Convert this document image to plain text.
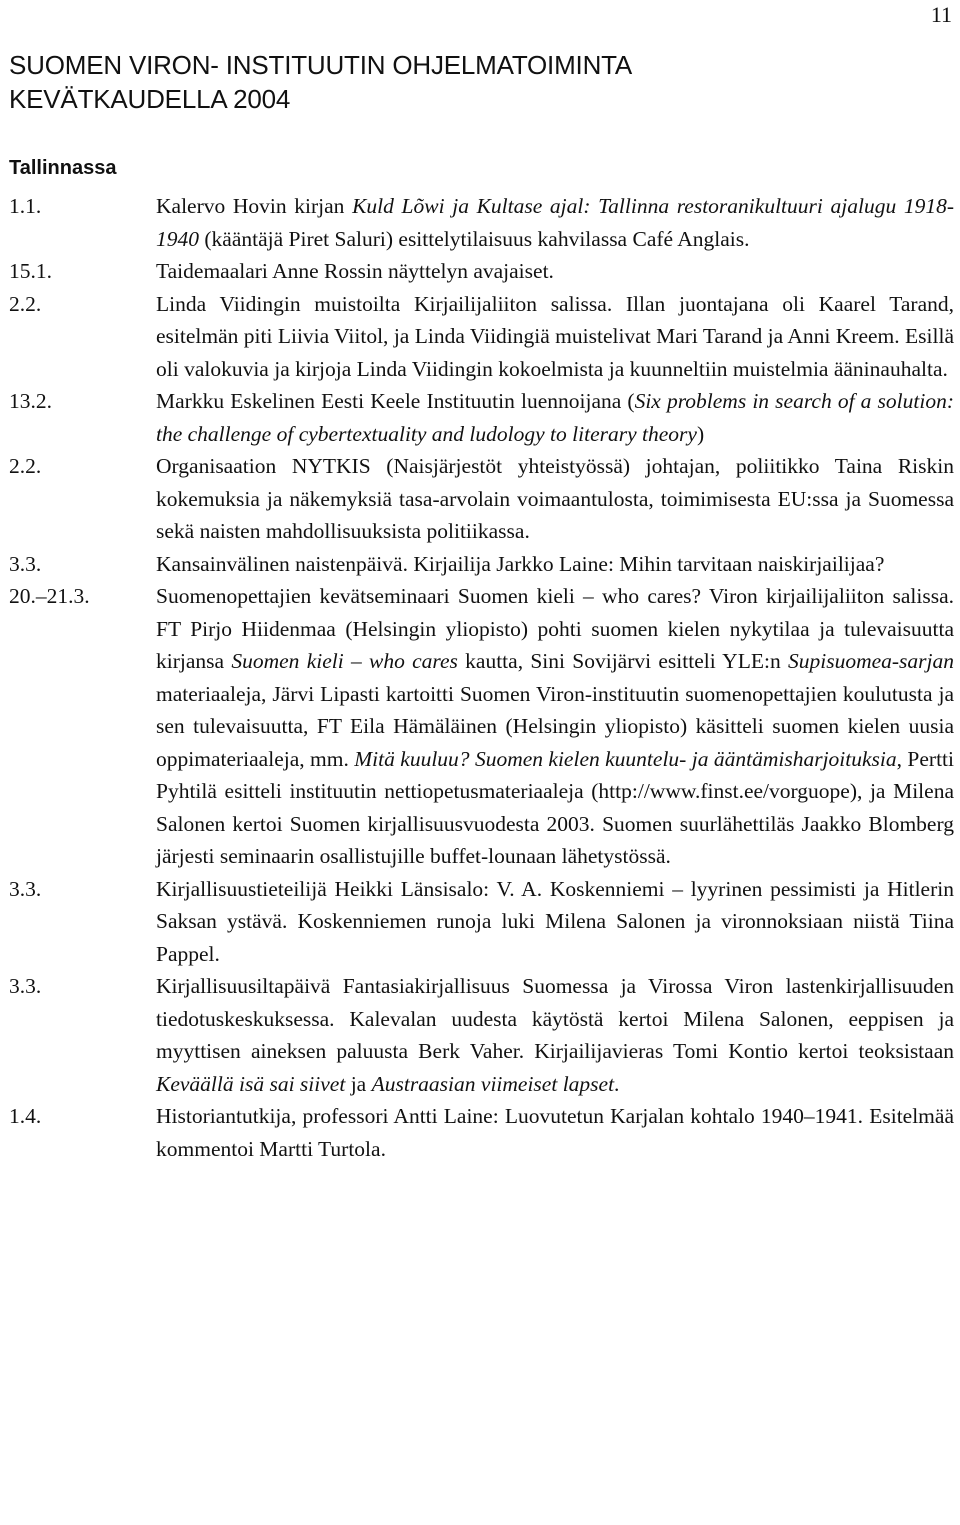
11
SUOMEN VIRON- INSTITUUTIN OHJELMATOIMINTA
KEVÄTKAUDELLA 2004
Tallinnassa
1.1.	Kalervo Hovin kirjan Kuld Lõwi ja Kultase ajal: Tallinna restoranikultuuri ajalugu 1918-1940 (kääntäjä Piret Saluri) esittelytilaisuus kahvilassa Café Anglais.
15.1.	Taidemaalari Anne Rossin näyttelyn avajaiset.
2.2.	Linda Viidingin muistoilta Kirjailijaliiton salissa. Illan juontajana oli Kaarel Tarand, esitelmän piti Liivia Viitol, ja Linda Viidingiä muistelivat Mari Tarand ja Anni Kreem. Esillä oli valokuvia ja kirjoja Linda Viidingin kokoelmista ja kuunneltiin muistelmia ääninauhalta.
13.2.	Markku Eskelinen Eesti Keele Instituutin luennoijana (Six problems in search of a solution: the challenge of cybertextuality and ludology to literary theory)
2.2.	Organisaation NYTKIS (Naisjärjestöt yhteistyössä) johtajan, poliitikko Taina Riskin kokemuksia ja näkemyksiä tasa-arvolain voimaantulosta, toimimisesta EU:ssa ja Suomessa sekä naisten mahdollisuuksista politiikassa.
3.3.	Kansainvälinen naistenpäivä. Kirjailija Jarkko Laine: Mihin tarvitaan naiskirjailijaa?
20.–21.3.	Suomenopettajien kevätseminaari Suomen kieli – who cares? Viron kirjailijaliiton salissa. FT Pirjo Hiidenmaa (Helsingin yliopisto) pohti suomen kielen nykytilaa ja tulevaisuutta kirjansa Suomen kieli – who cares kautta, Sini Sovijärvi esitteli YLE:n Supisuomea-sarjan materiaaleja, Järvi Lipasti kartoitti Suomen Viron-instituutin suomenopettajien koulutusta ja sen tulevaisuutta, FT Eila Hämäläinen (Helsingin yliopisto) käsitteli suomen kielen uusia oppimateriaaleja, mm. Mitä kuuluu? Suomen kielen kuuntelu- ja ääntämisharjoituksia, Pertti Pyhtilä esitteli instituutin nettiopetusmateriaaleja (http://www.finst.ee/vorguope), ja Milena Salonen kertoi Suomen kirjallisuusvuodesta 2003. Suomen suurlähettiläs Jaakko Blomberg järjesti seminaarin osallistujille buffet-lounaan lähetystössä.
3.3.	Kirjallisuustieteilijä Heikki Länsisalo: V. A. Koskenniemi – lyyrinen pessimisti ja Hitlerin Saksan ystävä. Koskenniemen runoja luki Milena Salonen ja vironnoksiaan niistä Tiina Pappel.
3.3.	Kirjallisuusiltapäivä Fantasiakirjallisuus Suomessa ja Virossa Viron lastenkirjallisuuden tiedotuskeskuksessa. Kalevalan uudesta käytöstä kertoi Milena Salonen, eeppisen ja myyttisen aineksen paluusta Berk Vaher. Kirjailijavieras Tomi Kontio kertoi teoksistaan Keväällä isä sai siivet ja Austraasian viimeiset lapset.
1.4.	Historiantutkija, professori Antti Laine: Luovutetun Karjalan kohtalo 1940–1941. Esitelmää kommentoi Martti Turtola.
